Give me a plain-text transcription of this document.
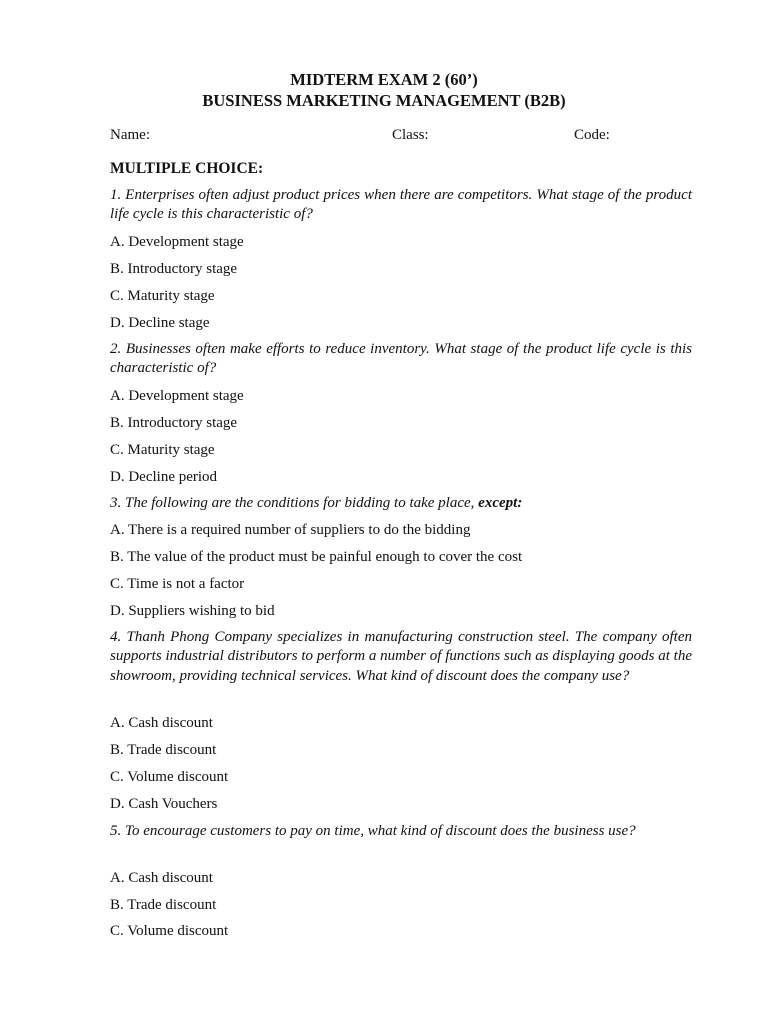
MIDTERM EXAM 2 (60’)
BUSINESS MARKETING MANAGEMENT (B2B)
Name:	Class:	Code:
MULTIPLE CHOICE:
1. Enterprises often adjust product prices when there are competitors. What stage of the product life cycle is this characteristic of?
A. Development stage
B. Introductory stage
C. Maturity stage
D. Decline stage
2. Businesses often make efforts to reduce inventory. What stage of the product life cycle is this characteristic of?
A. Development stage
B. Introductory stage
C. Maturity stage
D. Decline period
3. The following are the conditions for bidding to take place, except:
A. There is a required number of suppliers to do the bidding
B. The value of the product must be painful enough to cover the cost
C. Time is not a factor
D. Suppliers wishing to bid
4. Thanh Phong Company specializes in manufacturing construction steel. The company often supports industrial distributors to perform a number of functions such as displaying goods at the showroom, providing technical services. What kind of discount does the company use?
A. Cash discount
B. Trade discount
C. Volume discount
D. Cash Vouchers
5. To encourage customers to pay on time, what kind of discount does the business use?
A. Cash discount
B. Trade discount
C. Volume discount
